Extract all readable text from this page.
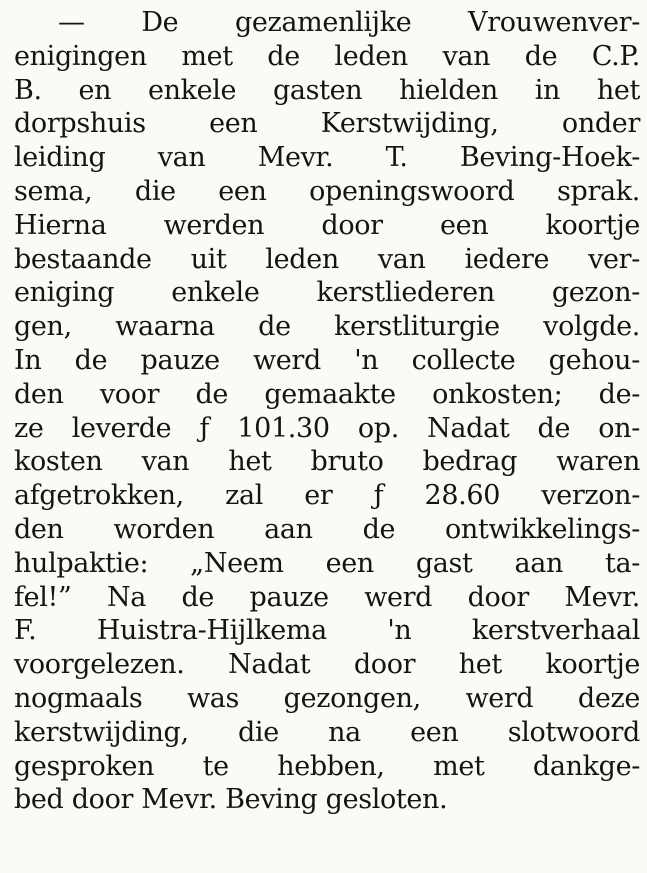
— De gezamenlijke Vrouwenver-
enigingen met de leden van de C.P.
B. en enkele gasten hielden in het
dorpshuis een Kerstwijding, onder
leiding van Mevr. T. Beving-Hoek-
sema, die een openingswoord sprak.
Hierna werden door een koortje
bestaande uit leden van iedere ver-
eniging enkele kerstliederen gezon-
gen, waarna de kerstliturgie volgde.
In de pauze werd 'n collecte gehou-
den voor de gemaakte onkosten; de-
ze leverde ƒ 101.30 op. Nadat de on-
kosten van het bruto bedrag waren
afgetrokken, zal er ƒ 28.60 verzon-
den worden aan de ontwikkelings-
hulpaktie: „Neem een gast aan ta-
fel!” Na de pauze werd door Mevr.
F. Huistra-Hijlkema 'n kerstverhaal
voorgelezen. Nadat door het koortje
nogmaals was gezongen, werd deze
kerstwijding, die na een slotwoord
gesproken te hebben, met dankge-
bed door Mevr. Beving gesloten.
